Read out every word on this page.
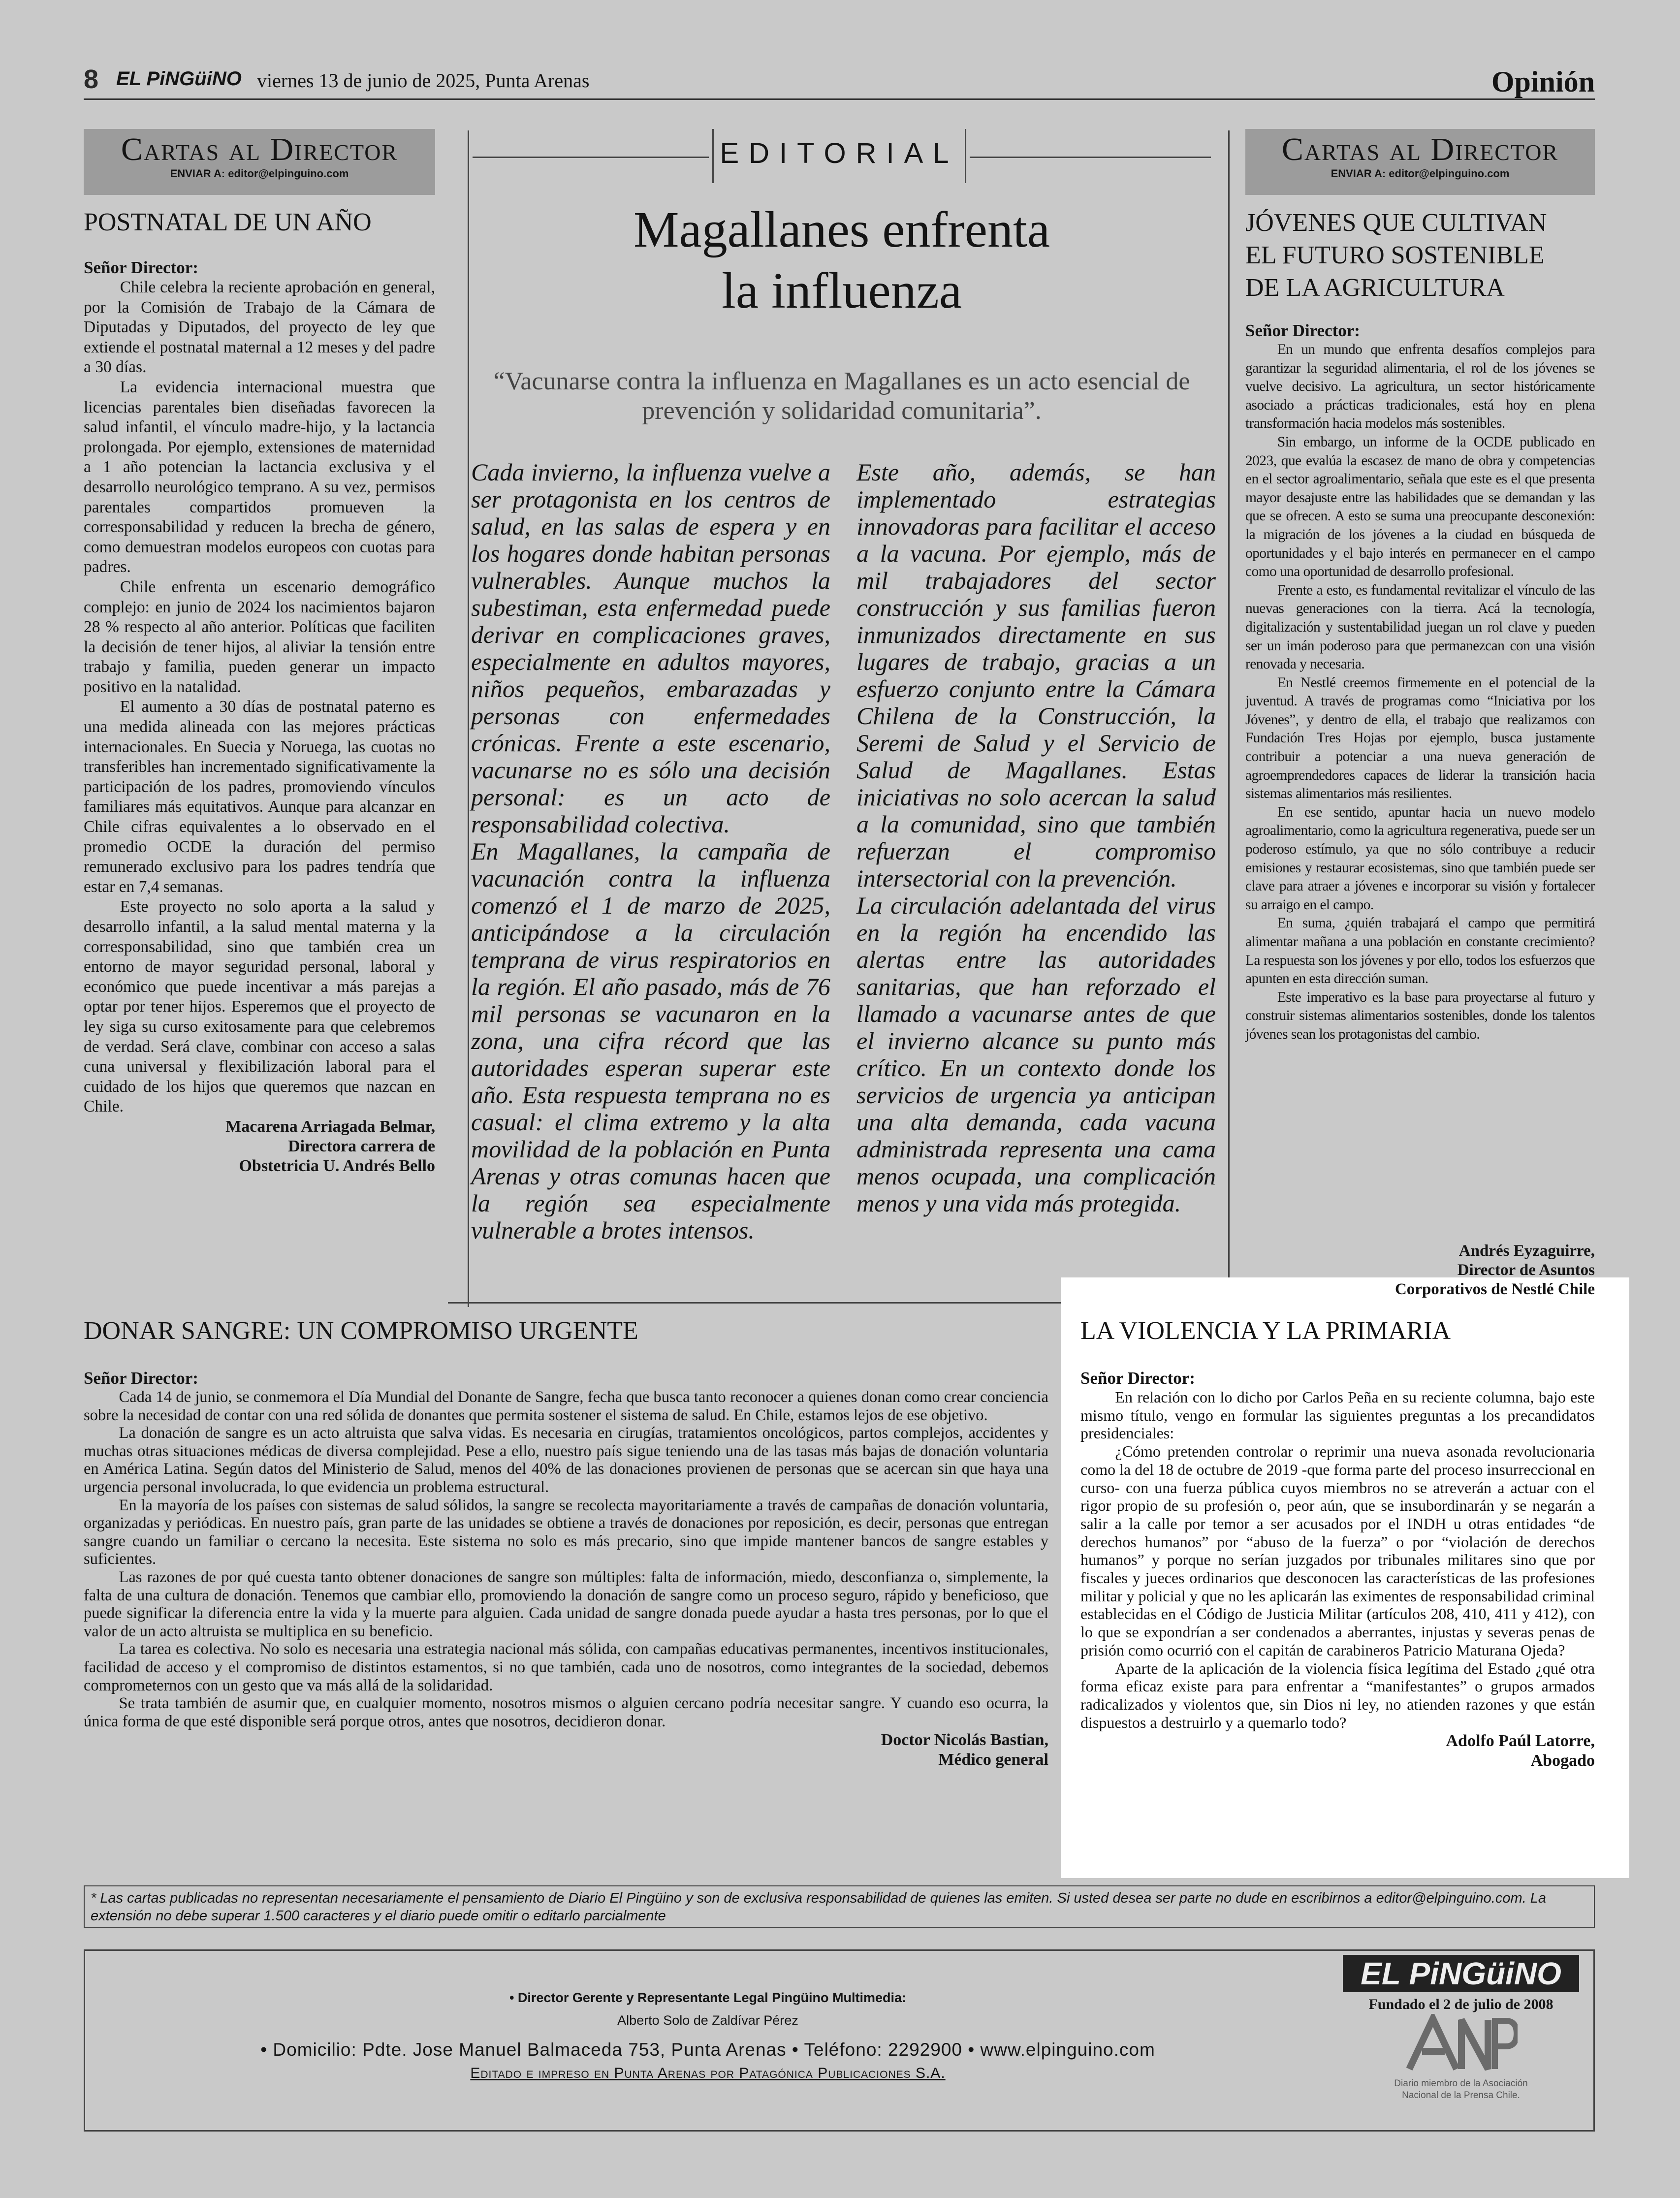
8 EL PiNGüiNO viernes 13 de junio de 2025, Punta Arenas	Opinión
Cartas al Director
ENVIAR A: editor@elpinguino.com
POSTNATAL DE UN AÑO
Señor Director:

Chile celebra la reciente aprobación en general, por la Comisión de Trabajo de la Cámara de Diputadas y Diputados, del proyecto de ley que extiende el postnatal maternal a 12 meses y del padre a 30 días.

La evidencia internacional muestra que licencias parentales bien diseñadas favorecen la salud infantil, el vínculo madre-hijo, y la lactancia prolongada. Por ejemplo, extensiones de maternidad a 1 año potencian la lactancia exclusiva y el desarrollo neurológico temprano. A su vez, permisos parentales compartidos promueven la corresponsabilidad y reducen la brecha de género, como demuestran modelos europeos con cuotas para padres.

Chile enfrenta un escenario demográfico complejo: en junio de 2024 los nacimientos bajaron 28 % respecto al año anterior. Políticas que faciliten la decisión de tener hijos, al aliviar la tensión entre trabajo y familia, pueden generar un impacto positivo en la natalidad.

El aumento a 30 días de postnatal paterno es una medida alineada con las mejores prácticas internacionales. En Suecia y Noruega, las cuotas no transferibles han incrementado significativamente la participación de los padres, promoviendo vínculos familiares más equitativos. Aunque para alcanzar en Chile cifras equivalentes a lo observado en el promedio OCDE la duración del permiso remunerado exclusivo para los padres tendría que estar en 7,4 semanas.

Este proyecto no solo aporta a la salud y desarrollo infantil, a la salud mental materna y la corresponsabilidad, sino que también crea un entorno de mayor seguridad personal, laboral y económico que puede incentivar a más parejas a optar por tener hijos. Esperemos que el proyecto de ley siga su curso exitosamente para que celebremos de verdad. Será clave, combinar con acceso a salas cuna universal y flexibilización laboral para el cuidado de los hijos que queremos que nazcan en Chile.

Macarena Arriagada Belmar,
Directora carrera de
Obstetricia U. Andrés Bello
EDITORIAL
Magallanes enfrenta
la influenza
“Vacunarse contra la influenza en Magallanes es un acto esencial de prevención y solidaridad comunitaria”.

Cada invierno, la influenza vuelve a ser protagonista en los centros de salud, en las salas de espera y en los hogares donde habitan personas vulnerables. Aunque muchos la subestiman, esta enfermedad puede derivar en complicaciones graves, especialmente en adultos mayores, niños pequeños, embarazadas y personas con enfermedades crónicas. Frente a este escenario, vacunarse no es sólo una decisión personal: es un acto de responsabilidad colectiva.

En Magallanes, la campaña de vacunación contra la influenza comenzó el 1 de marzo de 2025, anticipándose a la circulación temprana de virus respiratorios en la región. El año pasado, más de 76 mil personas se vacunaron en la zona, una cifra récord que las autoridades esperan superar este año. Esta respuesta temprana no es casual: el clima extremo y la alta movilidad de la población en Punta Arenas y otras comunas hacen que la región sea especialmente vulnerable a brotes intensos.

Este año, además, se han implementado estrategias innovadoras para facilitar el acceso a la vacuna. Por ejemplo, más de mil trabajadores del sector construcción y sus familias fueron inmunizados directamente en sus lugares de trabajo, gracias a un esfuerzo conjunto entre la Cámara Chilena de la Construcción, la Seremi de Salud y el Servicio de Salud de Magallanes. Estas iniciativas no solo acercan la salud a la comunidad, sino que también refuerzan el compromiso intersectorial con la prevención.

La circulación adelantada del virus en la región ha encendido las alertas entre las autoridades sanitarias, que han reforzado el llamado a vacunarse antes de que el invierno alcance su punto más crítico. En un contexto donde los servicios de urgencia ya anticipan una alta demanda, cada vacuna administrada representa una cama menos ocupada, una complicación menos y una vida más protegida.

Cartas al Director
ENVIAR A: editor@elpinguino.com
JÓVENES QUE CULTIVAN
EL FUTURO SOSTENIBLE
DE LA AGRICULTURA
Señor Director:

En un mundo que enfrenta desafíos complejos para garantizar la seguridad alimentaria, el rol de los jóvenes se vuelve decisivo. La agricultura, un sector históricamente asociado a prácticas tradicionales, está hoy en plena transformación hacia modelos más sostenibles.

Sin embargo, un informe de la OCDE publicado en 2023, que evalúa la escasez de mano de obra y competencias en el sector agroalimentario, señala que este es el que presenta mayor desajuste entre las habilidades que se demandan y las que se ofrecen. A esto se suma una preocupante desconexión: la migración de los jóvenes a la ciudad en búsqueda de oportunidades y el bajo interés en permanecer en el campo como una oportunidad de desarrollo profesional.

Frente a esto, es fundamental revitalizar el vínculo de las nuevas generaciones con la tierra. Acá la tecnología, digitalización y sustentabilidad juegan un rol clave y pueden ser un imán poderoso para que permanezcan con una visión renovada y necesaria.

En Nestlé creemos firmemente en el potencial de la juventud. A través de programas como “Iniciativa por los Jóvenes”, y dentro de ella, el trabajo que realizamos con Fundación Tres Hojas por ejemplo, busca justamente contribuir a potenciar a una nueva generación de agroemprendedores capaces de liderar la transición hacia sistemas alimentarios más resilientes.

En ese sentido, apuntar hacia un nuevo modelo agroalimentario, como la agricultura regenerativa, puede ser un poderoso estímulo, ya que no sólo contribuye a reducir emisiones y restaurar ecosistemas, sino que también puede ser clave para atraer a jóvenes e incorporar su visión y fortalecer su arraigo en el campo.

En suma, ¿quién trabajará el campo que permitirá alimentar mañana a una población en constante crecimiento? La respuesta son los jóvenes y por ello, todos los esfuerzos que apunten en esta dirección suman.

Este imperativo es la base para proyectarse al futuro y construir sistemas alimentarios sostenibles, donde los talentos jóvenes sean los protagonistas del cambio.

Andrés Eyzaguirre,
Director de Asuntos
Corporativos de Nestlé Chile
DONAR SANGRE: UN COMPROMISO URGENTE
Señor Director:

Cada 14 de junio, se conmemora el Día Mundial del Donante de Sangre, fecha que busca tanto reconocer a quienes donan como crear conciencia sobre la necesidad de contar con una red sólida de donantes que permita sostener el sistema de salud. En Chile, estamos lejos de ese objetivo.

La donación de sangre es un acto altruista que salva vidas. Es necesaria en cirugías, tratamientos oncológicos, partos complejos, accidentes y muchas otras situaciones médicas de diversa complejidad. Pese a ello, nuestro país sigue teniendo una de las tasas más bajas de donación voluntaria en América Latina. Según datos del Ministerio de Salud, menos del 40% de las donaciones provienen de personas que se acercan sin que haya una urgencia personal involucrada, lo que evidencia un problema estructural.

En la mayoría de los países con sistemas de salud sólidos, la sangre se recolecta mayoritariamente a través de campañas de donación voluntaria, organizadas y periódicas. En nuestro país, gran parte de las unidades se obtiene a través de donaciones por reposición, es decir, personas que entregan sangre cuando un familiar o cercano la necesita. Este sistema no solo es más precario, sino que impide mantener bancos de sangre estables y suficientes.

Las razones de por qué cuesta tanto obtener donaciones de sangre son múltiples: falta de información, miedo, desconfianza o, simplemente, la falta de una cultura de donación. Tenemos que cambiar ello, promoviendo la donación de sangre como un proceso seguro, rápido y beneficioso, que puede significar la diferencia entre la vida y la muerte para alguien. Cada unidad de sangre donada puede ayudar a hasta tres personas, por lo que el valor de un acto altruista se multiplica en su beneficio.

La tarea es colectiva. No solo es necesaria una estrategia nacional más sólida, con campañas educativas permanentes, incentivos institucionales, facilidad de acceso y el compromiso de distintos estamentos, si no que también, cada uno de nosotros, como integrantes de la sociedad, debemos comprometernos con un gesto que va más allá de la solidaridad.

Se trata también de asumir que, en cualquier momento, nosotros mismos o alguien cercano podría necesitar sangre. Y cuando eso ocurra, la única forma de que esté disponible será porque otros, antes que nosotros, decidieron donar.

Doctor Nicolás Bastian,
Médico general
LA VIOLENCIA Y LA PRIMARIA
Señor Director:

En relación con lo dicho por Carlos Peña en su reciente columna, bajo este mismo título, vengo en formular las siguientes preguntas a los precandidatos presidenciales:

¿Cómo pretenden controlar o reprimir una nueva asonada revolucionaria como la del 18 de octubre de 2019 -que forma parte del proceso insurreccional en curso- con una fuerza pública cuyos miembros no se atreverán a actuar con el rigor propio de su profesión o, peor aún, que se insubordinarán y se negarán a salir a la calle por temor a ser acusados por el INDH u otras entidades “de derechos humanos” por “abuso de la fuerza” o por “violación de derechos humanos” y porque no serían juzgados por tribunales militares sino que por fiscales y jueces ordinarios que desconocen las características de las profesiones militar y policial y que no les aplicarán las eximentes de responsabilidad criminal establecidas en el Código de Justicia Militar (artículos 208, 410, 411 y 412), con lo que se expondrían a ser condenados a aberrantes, injustas y severas penas de prisión como ocurrió con el capitán de carabineros Patricio Maturana Ojeda?

Aparte de la aplicación de la violencia física legítima del Estado ¿qué otra forma eficaz existe para para enfrentar a “manifestantes” o grupos armados radicalizados y violentos que, sin Dios ni ley, no atienden razones y que están dispuestos a destruirlo y a quemarlo todo?

Adolfo Paúl Latorre,
Abogado
* Las cartas publicadas no representan necesariamente el pensamiento de Diario El Pingüino y son de exclusiva responsabilidad de quienes las emiten. Si usted desea ser parte no dude en escribirnos a editor@elpinguino.com. La extensión no debe superar 1.500 caracteres y el diario puede omitir o editarlo parcialmente
• Director Gerente y Representante Legal Pingüino Multimedia:
Alberto Solo de Zaldívar Pérez
• Domicilio: Pdte. Jose Manuel Balmaceda 753, Punta Arenas • Teléfono: 2292900 • www.elpinguino.com
Editado e impreso en Punta Arenas por Patagónica Publicaciones S.A.
EL PiNGüiNO
Fundado el 2 de julio de 2008
Diario miembro de la Asociación Nacional de la Prensa Chile.
